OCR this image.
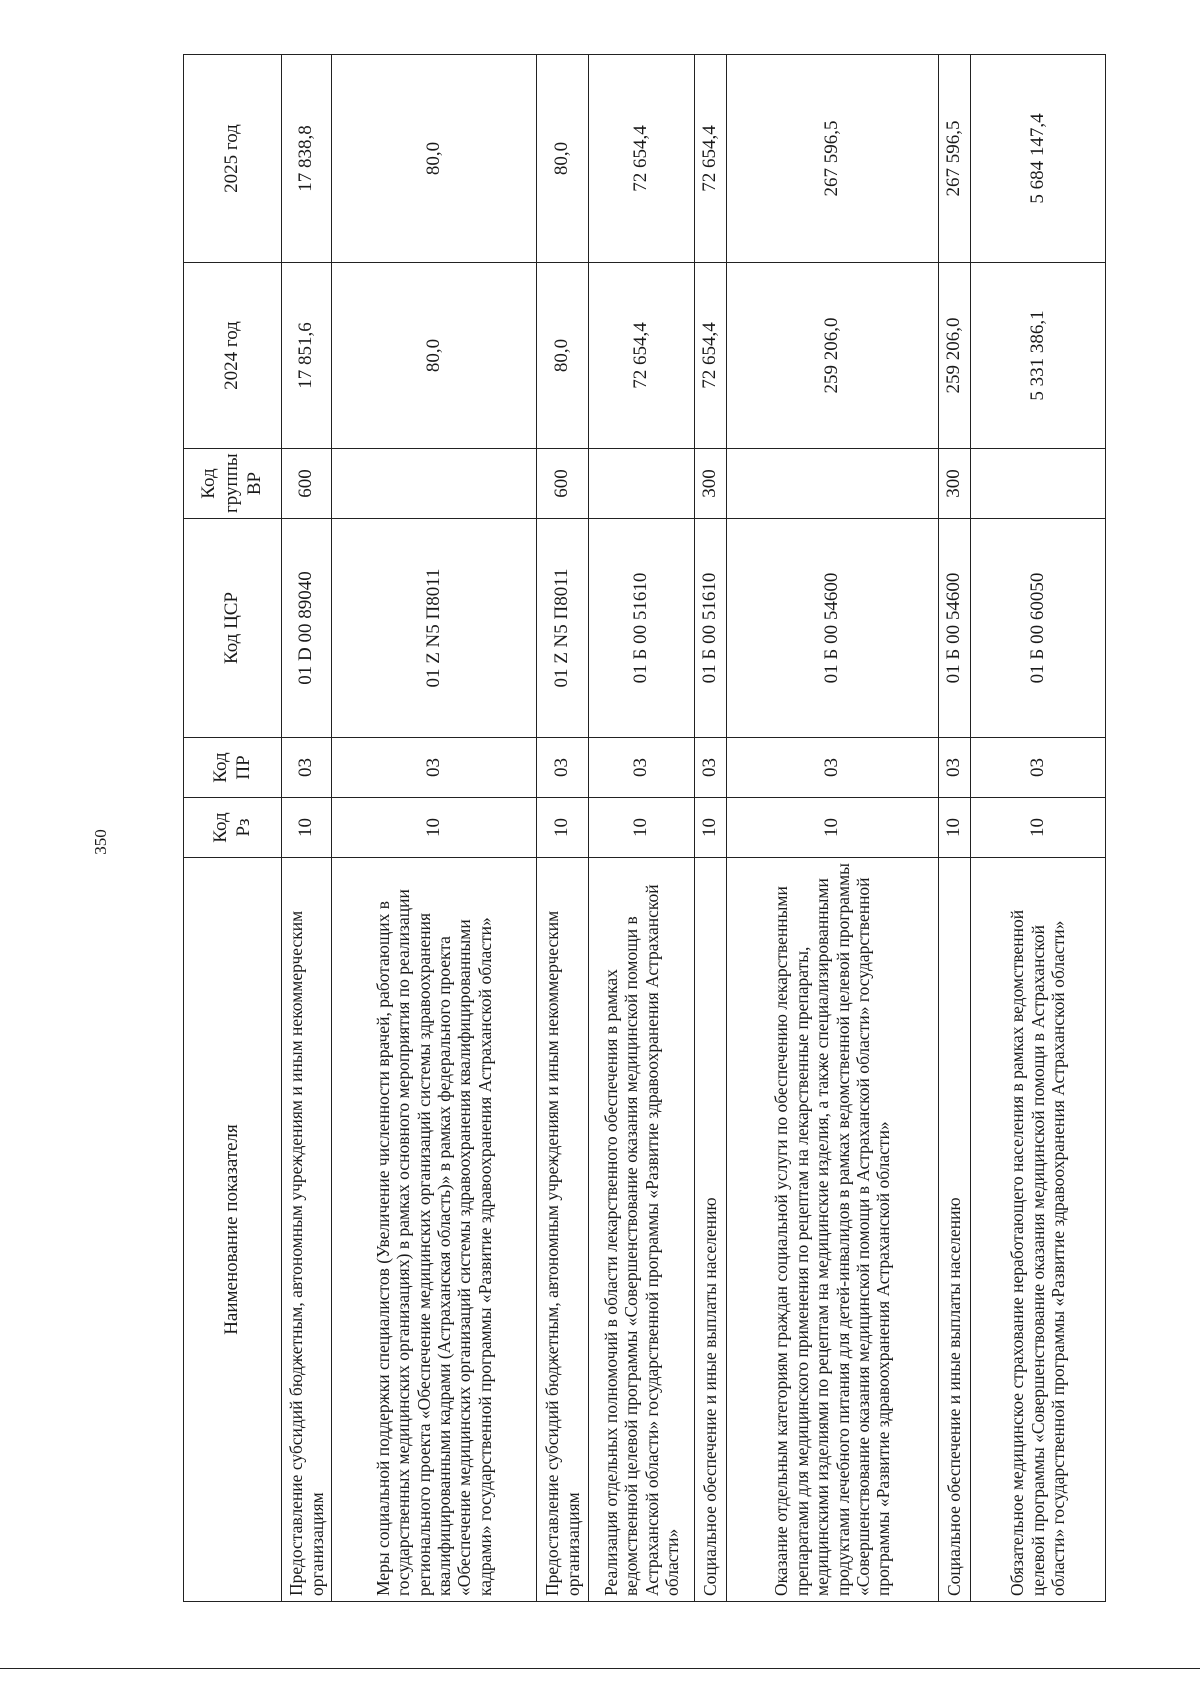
350
Наименование показателя	Код Рз	Код ПР	Код ЦСР	Код группы ВР	2024 год	2025 год
Предоставление субсидий бюджетным, автономным учреждениям и иным некоммерческим организациям	10	03	01 D 00 89040	600	17 851,6	17 838,8
Меры социальной поддержки специалистов (Увеличение численности врачей, работающих в государственных медицинских организациях) в рамках основного мероприятия по реализации регионального проекта «Обеспечение медицинских организаций системы здравоохранения квалифицированными кадрами (Астраханская область)» в рамках федерального проекта «Обеспечение медицинских организаций системы здравоохранения квалифицированными кадрами» государственной программы «Развитие здравоохранения Астраханской области»	10	03	01 Z N5 П8011		80,0	80,0
Предоставление субсидий бюджетным, автономным учреждениям и иным некоммерческим организациям	10	03	01 Z N5 П8011	600	80,0	80,0
Реализация отдельных полномочий в области лекарственного обеспечения в рамках ведомственной целевой программы «Совершенствование оказания медицинской помощи в Астраханской области» государственной программы «Развитие здравоохранения Астраханской области»	10	03	01 Б 00 51610		72 654,4	72 654,4
Социальное обеспечение и иные выплаты населению	10	03	01 Б 00 51610	300	72 654,4	72 654,4
Оказание отдельным категориям граждан социальной услуги по обеспечению лекарственными препаратами для медицинского применения по рецептам на лекарственные препараты, медицинскими изделиями по рецептам на медицинские изделия, а также специализированными продуктами лечебного питания для детей-инвалидов в рамках ведомственной целевой программы «Совершенствование оказания медицинской помощи в Астраханской области» государственной программы «Развитие здравоохранения Астраханской области»	10	03	01 Б 00 54600		259 206,0	267 596,5
Социальное обеспечение и иные выплаты населению	10	03	01 Б 00 54600	300	259 206,0	267 596,5
Обязательное медицинское страхование неработающего населения в рамках ведомственной целевой программы «Совершенствование оказания медицинской помощи в Астраханской области» государственной программы «Развитие здравоохранения Астраханской области»	10	03	01 Б 00 60050		5 331 386,1	5 684 147,4
